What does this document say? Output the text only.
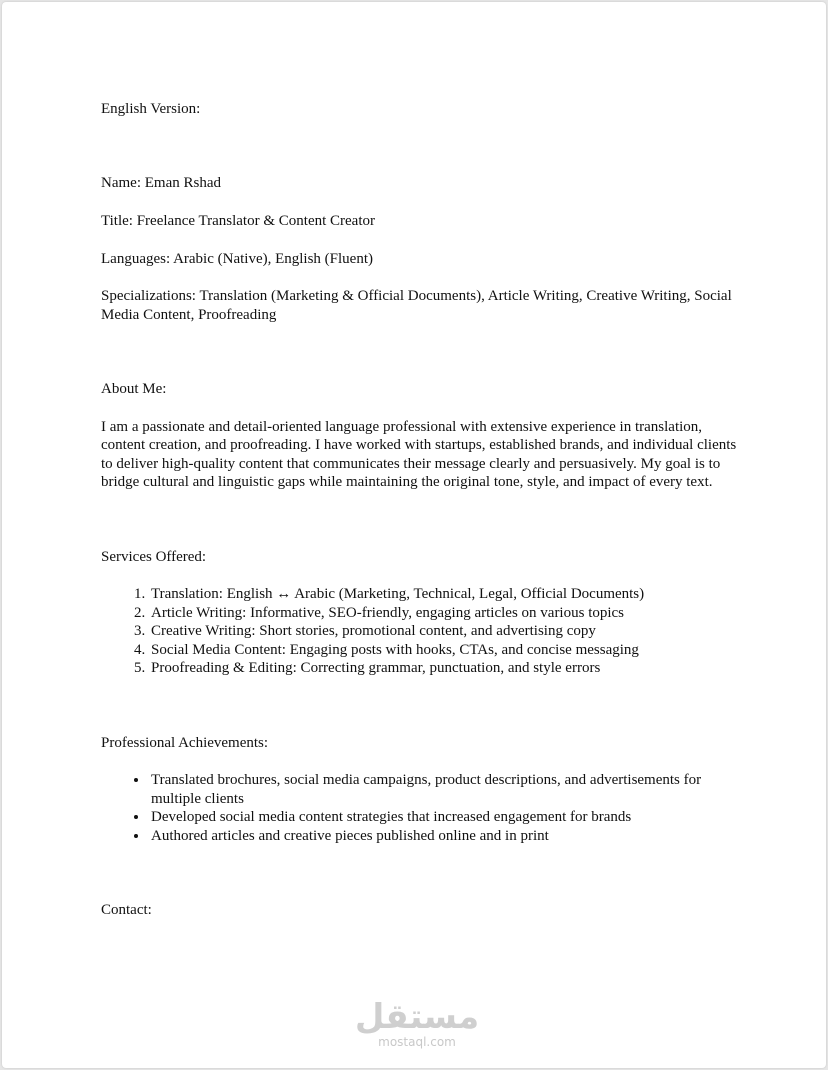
English Version:

Name: Eman Rshad

Title: Freelance Translator & Content Creator

Languages: Arabic (Native), English (Fluent)

Specializations: Translation (Marketing & Official Documents), Article Writing, Creative Writing, Social Media Content, Proofreading

About Me:

I am a passionate and detail-oriented language professional with extensive experience in translation, content creation, and proofreading. I have worked with startups, established brands, and individual clients to deliver high-quality content that communicates their message clearly and persuasively. My goal is to bridge cultural and linguistic gaps while maintaining the original tone, style, and impact of every text.

Services Offered:

1. Translation: English ↔ Arabic (Marketing, Technical, Legal, Official Documents)
2. Article Writing: Informative, SEO-friendly, engaging articles on various topics
3. Creative Writing: Short stories, promotional content, and advertising copy
4. Social Media Content: Engaging posts with hooks, CTAs, and concise messaging
5. Proofreading & Editing: Correcting grammar, punctuation, and style errors

Professional Achievements:

• Translated brochures, social media campaigns, product descriptions, and advertisements for multiple clients
• Developed social media content strategies that increased engagement for brands
• Authored articles and creative pieces published online and in print

Contact:

مستقل
mostaql.com
